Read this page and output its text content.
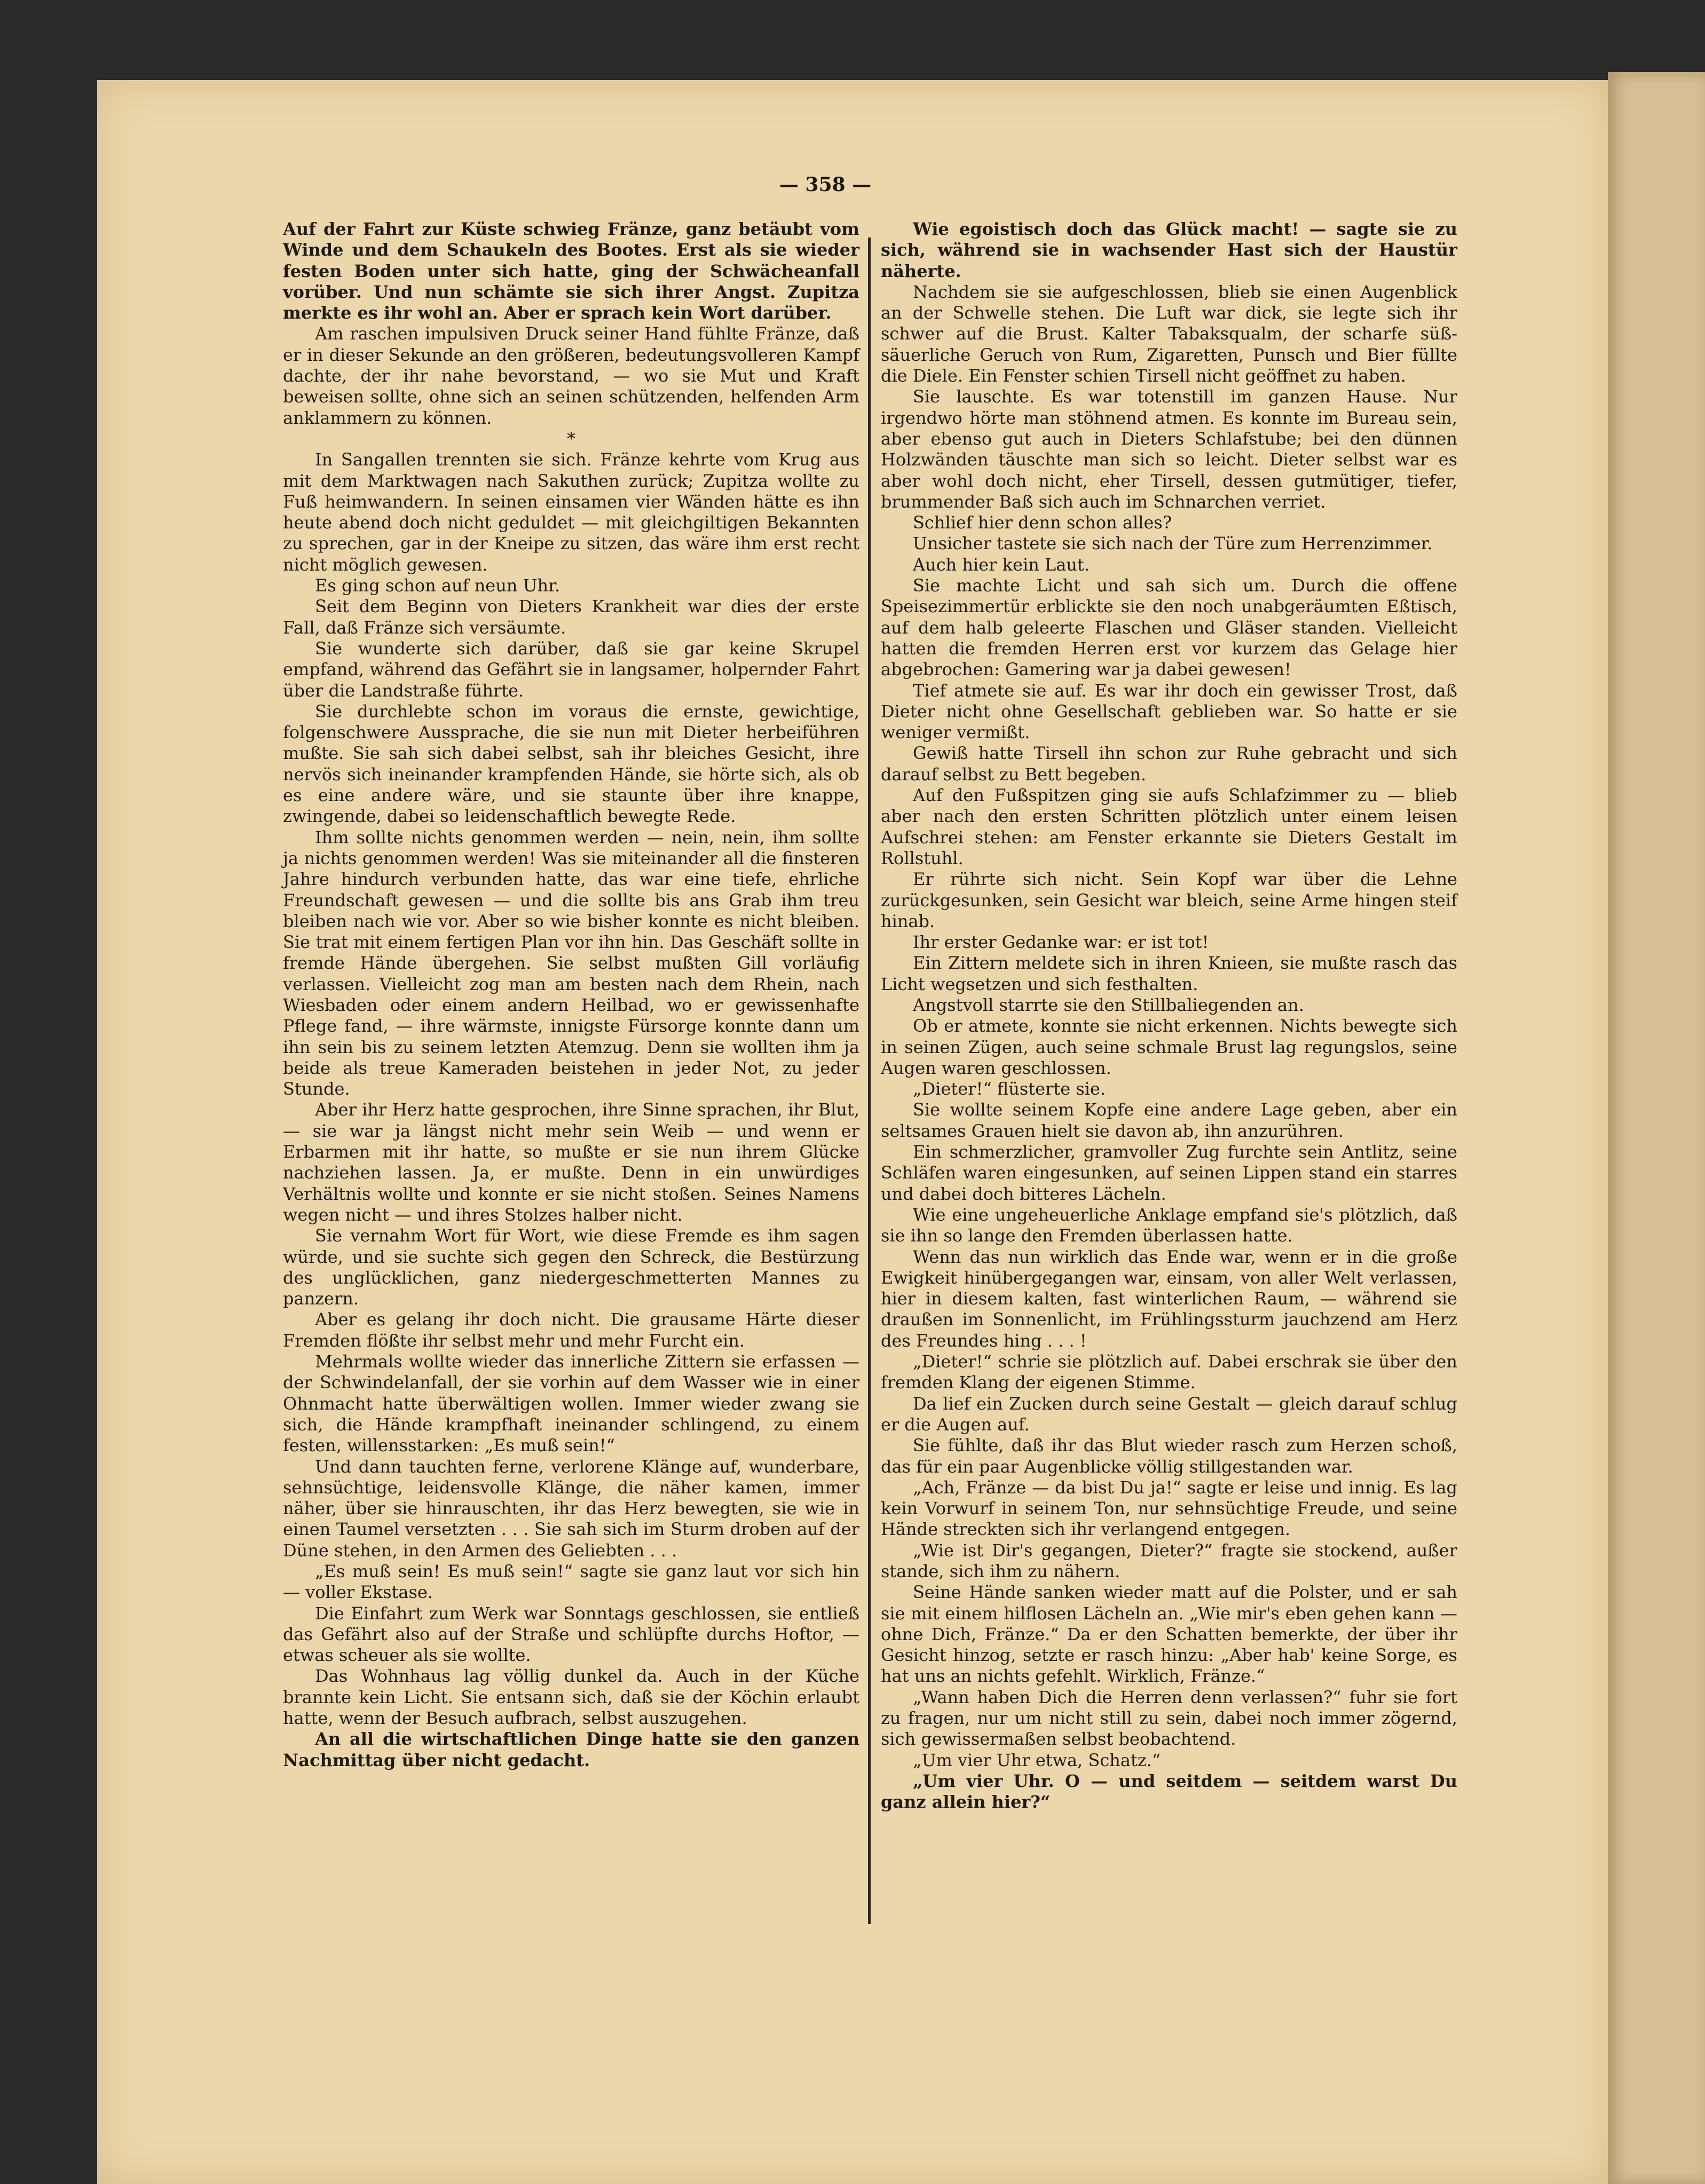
— 358 —

Auf der Fahrt zur Küste schwieg Fränze, ganz betäubt vom Winde und dem Schaukeln des Bootes. Erst als sie wieder festen Boden unter sich hatte, ging der Schwächeanfall vorüber. Und nun schämte sie sich ihrer Angst. Zupitza merkte es ihr wohl an. Aber er sprach kein Wort darüber.

Am raschen impulsiven Druck seiner Hand fühlte Fränze, daß er in dieser Sekunde an den größeren, bedeutungsvolleren Kampf dachte, der ihr nahe bevorstand, — wo sie Mut und Kraft beweisen sollte, ohne sich an seinen schützenden, helfenden Arm anklammern zu können.

*

In Sangallen trennten sie sich. Fränze kehrte vom Krug aus mit dem Marktwagen nach Sakuthen zurück; Zupitza wollte zu Fuß heimwandern. In seinen einsamen vier Wänden hätte es ihn heute abend doch nicht geduldet — mit gleichgiltigen Bekannten zu sprechen, gar in der Kneipe zu sitzen, das wäre ihm erst recht nicht möglich gewesen.

Es ging schon auf neun Uhr.

Seit dem Beginn von Dieters Krankheit war dies der erste Fall, daß Fränze sich versäumte.

Sie wunderte sich darüber, daß sie gar keine Skrupel empfand, während das Gefährt sie in langsamer, holpernder Fahrt über die Landstraße führte.

Sie durchlebte schon im voraus die ernste, gewichtige, folgenschwere Aussprache, die sie nun mit Dieter herbeiführen mußte. Sie sah sich dabei selbst, sah ihr bleiches Gesicht, ihre nervös sich ineinander krampfenden Hände, sie hörte sich, als ob es eine andere wäre, und sie staunte über ihre knappe, zwingende, dabei so leidenschaftlich bewegte Rede.

Ihm sollte nichts genommen werden — nein, nein, ihm sollte ja nichts genommen werden! Was sie miteinander all die finsteren Jahre hindurch verbunden hatte, das war eine tiefe, ehrliche Freundschaft gewesen — und die sollte bis ans Grab ihm treu bleiben nach wie vor. Aber so wie bisher konnte es nicht bleiben. Sie trat mit einem fertigen Plan vor ihn hin. Das Geschäft sollte in fremde Hände übergehen. Sie selbst mußten Gill vorläufig verlassen. Vielleicht zog man am besten nach dem Rhein, nach Wiesbaden oder einem andern Heilbad, wo er gewissenhafte Pflege fand, — ihre wärmste, innigste Fürsorge konnte dann um ihn sein bis zu seinem letzten Atemzug. Denn sie wollten ihm ja beide als treue Kameraden beistehen in jeder Not, zu jeder Stunde.

Aber ihr Herz hatte gesprochen, ihre Sinne sprachen, ihr Blut, — sie war ja längst nicht mehr sein Weib — und wenn er Erbarmen mit ihr hatte, so mußte er sie nun ihrem Glücke nachziehen lassen. Ja, er mußte. Denn in ein unwürdiges Verhältnis wollte und konnte er sie nicht stoßen. Seines Namens wegen nicht — und ihres Stolzes halber nicht.

Sie vernahm Wort für Wort, wie diese Fremde es ihm sagen würde, und sie suchte sich gegen den Schreck, die Bestürzung des unglücklichen, ganz niedergeschmetterten Mannes zu panzern.

Aber es gelang ihr doch nicht. Die grausame Härte dieser Fremden flößte ihr selbst mehr und mehr Furcht ein.

Mehrmals wollte wieder das innerliche Zittern sie erfassen — der Schwindelanfall, der sie vorhin auf dem Wasser wie in einer Ohnmacht hatte überwältigen wollen. Immer wieder zwang sie sich, die Hände krampfhaft ineinander schlingend, zu einem festen, willensstarken: „Es muß sein!“

Und dann tauchten ferne, verlorene Klänge auf, wunderbare, sehnsüchtige, leidensvolle Klänge, die näher kamen, immer näher, über sie hinrauschten, ihr das Herz bewegten, sie wie in einen Taumel versetzten . . . Sie sah sich im Sturm droben auf der Düne stehen, in den Armen des Geliebten . . .

„Es muß sein! Es muß sein!“ sagte sie ganz laut vor sich hin — voller Ekstase.

Die Einfahrt zum Werk war Sonntags geschlossen, sie entließ das Gefährt also auf der Straße und schlüpfte durchs Hoftor, — etwas scheuer als sie wollte.

Das Wohnhaus lag völlig dunkel da. Auch in der Küche brannte kein Licht. Sie entsann sich, daß sie der Köchin erlaubt hatte, wenn der Besuch aufbrach, selbst auszugehen.

An all die wirtschaftlichen Dinge hatte sie den ganzen Nachmittag über nicht gedacht.

Wie egoistisch doch das Glück macht! — sagte sie zu sich, während sie in wachsender Hast sich der Haustür näherte.

Nachdem sie sie aufgeschlossen, blieb sie einen Augenblick an der Schwelle stehen. Die Luft war dick, sie legte sich ihr schwer auf die Brust. Kalter Tabaksqualm, der scharfe süß-säuerliche Geruch von Rum, Zigaretten, Punsch und Bier füllte die Diele. Ein Fenster schien Tirsell nicht geöffnet zu haben.

Sie lauschte. Es war totenstill im ganzen Hause. Nur irgendwo hörte man stöhnend atmen. Es konnte im Bureau sein, aber ebenso gut auch in Dieters Schlafstube; bei den dünnen Holzwänden täuschte man sich so leicht. Dieter selbst war es aber wohl doch nicht, eher Tirsell, dessen gutmütiger, tiefer, brummender Baß sich auch im Schnarchen verriet.

Schlief hier denn schon alles?

Unsicher tastete sie sich nach der Türe zum Herrenzimmer.

Auch hier kein Laut.

Sie machte Licht und sah sich um. Durch die offene Speisezimmertür erblickte sie den noch unabgeräumten Eßtisch, auf dem halb geleerte Flaschen und Gläser standen. Vielleicht hatten die fremden Herren erst vor kurzem das Gelage hier abgebrochen: Gamering war ja dabei gewesen!

Tief atmete sie auf. Es war ihr doch ein gewisser Trost, daß Dieter nicht ohne Gesellschaft geblieben war. So hatte er sie weniger vermißt.

Gewiß hatte Tirsell ihn schon zur Ruhe gebracht und sich darauf selbst zu Bett begeben.

Auf den Fußspitzen ging sie aufs Schlafzimmer zu — blieb aber nach den ersten Schritten plötzlich unter einem leisen Aufschrei stehen: am Fenster erkannte sie Dieters Gestalt im Rollstuhl.

Er rührte sich nicht. Sein Kopf war über die Lehne zurückgesunken, sein Gesicht war bleich, seine Arme hingen steif hinab.

Ihr erster Gedanke war: er ist tot!

Ein Zittern meldete sich in ihren Knieen, sie mußte rasch das Licht wegsetzen und sich festhalten.

Angstvoll starrte sie den Stillbaliegenden an.

Ob er atmete, konnte sie nicht erkennen. Nichts bewegte sich in seinen Zügen, auch seine schmale Brust lag regungslos, seine Augen waren geschlossen.

„Dieter!“ flüsterte sie.

Sie wollte seinem Kopfe eine andere Lage geben, aber ein seltsames Grauen hielt sie davon ab, ihn anzurühren.

Ein schmerzlicher, gramvoller Zug furchte sein Antlitz, seine Schläfen waren eingesunken, auf seinen Lippen stand ein starres und dabei doch bitteres Lächeln.

Wie eine ungeheuerliche Anklage empfand sie's plötzlich, daß sie ihn so lange den Fremden überlassen hatte.

Wenn das nun wirklich das Ende war, wenn er in die große Ewigkeit hinübergegangen war, einsam, von aller Welt verlassen, hier in diesem kalten, fast winterlichen Raum, — während sie draußen im Sonnenlicht, im Frühlingssturm jauchzend am Herz des Freundes hing . . . !

„Dieter!“ schrie sie plötzlich auf. Dabei erschrak sie über den fremden Klang der eigenen Stimme.

Da lief ein Zucken durch seine Gestalt — gleich darauf schlug er die Augen auf.

Sie fühlte, daß ihr das Blut wieder rasch zum Herzen schoß, das für ein paar Augenblicke völlig stillgestanden war.

„Ach, Fränze — da bist Du ja!“ sagte er leise und innig. Es lag kein Vorwurf in seinem Ton, nur sehnsüchtige Freude, und seine Hände streckten sich ihr verlangend entgegen.

„Wie ist Dir's gegangen, Dieter?“ fragte sie stockend, außer stande, sich ihm zu nähern.

Seine Hände sanken wieder matt auf die Polster, und er sah sie mit einem hilflosen Lächeln an. „Wie mir's eben gehen kann — ohne Dich, Fränze.“ Da er den Schatten bemerkte, der über ihr Gesicht hinzog, setzte er rasch hinzu: „Aber hab' keine Sorge, es hat uns an nichts gefehlt. Wirklich, Fränze.“

„Wann haben Dich die Herren denn verlassen?“ fuhr sie fort zu fragen, nur um nicht still zu sein, dabei noch immer zögernd, sich gewissermaßen selbst beobachtend.

„Um vier Uhr etwa, Schatz.“

„Um vier Uhr. O — und seitdem — seitdem warst Du ganz allein hier?“
